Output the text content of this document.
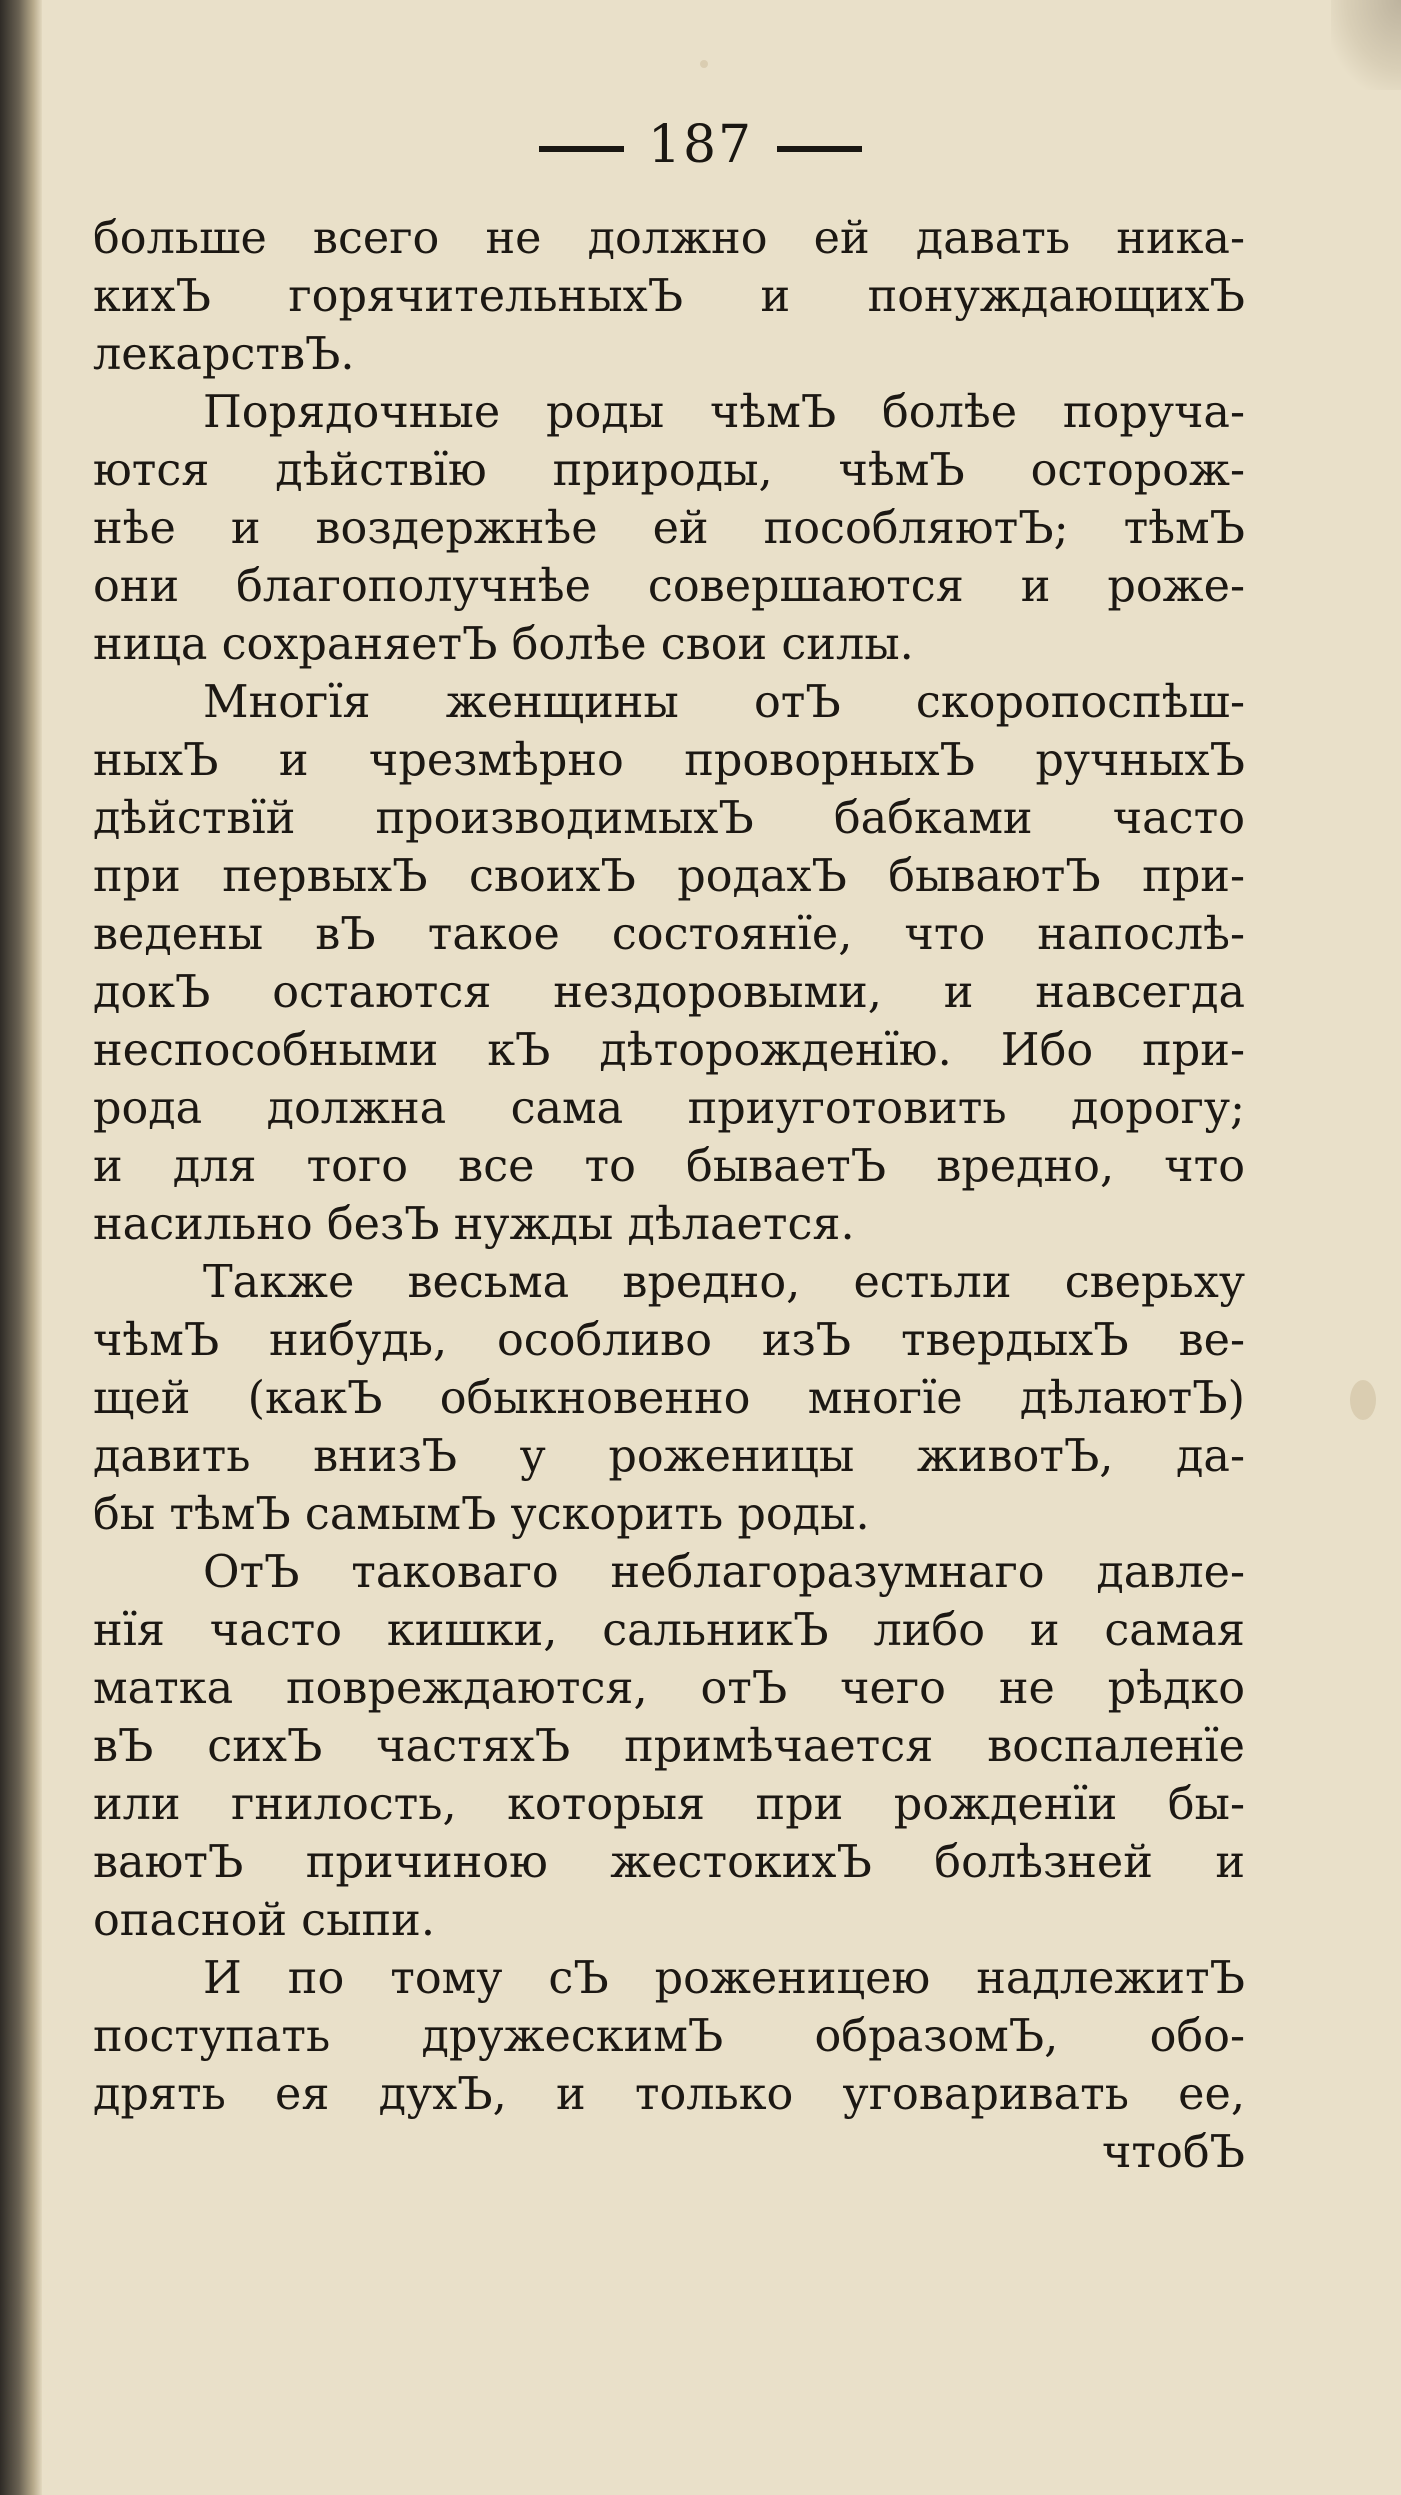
187
больше всего не должно ей давать ника-
кихЪ горячительныхЪ и понуждающихЪ
лекарствЪ.
Порядочные роды чѣмЪ болѣе поруча-
ются дѣйствїю природы, чѣмЪ осторож-
нѣе и воздержнѣе ей пособляютЪ; тѣмЪ
они благополучнѣе совершаются и роже-
ница сохраняетЪ болѣе свои силы.
Многїя женщины отЪ скоропоспѣш-
ныхЪ и чрезмѣрно проворныхЪ ручныхЪ
дѣйствїй производимыхЪ бабками часто
при первыхЪ своихЪ родахЪ бываютЪ при-
ведены вЪ такое состоянїе, что напослѣ-
докЪ остаются нездоровыми, и навсегда
неспособными кЪ дѣторожденїю. Ибо при-
рода должна сама приуготовить дорогу;
и для того все то бываетЪ вредно, что
насильно безЪ нужды дѣлается.
Также весьма вредно, естьли сверьху
чѣмЪ нибудь, особливо изЪ твердыхЪ ве-
щей (какЪ обыкновенно многїе дѣлаютЪ)
давить внизЪ у роженицы животЪ, да-
бы тѣмЪ самымЪ ускорить роды.
ОтЪ таковаго неблагоразумнаго давле-
нїя часто кишки, сальникЪ либо и самая
матка повреждаются, отЪ чего не рѣдко
вЪ сихЪ частяхЪ примѣчается воспаленїе
или гнилость, которыя при рожденїи бы-
ваютЪ причиною жестокихЪ болѣзней и
опасной сыпи.
И по тому сЪ роженицею надлежитЪ
поступать дружескимЪ образомЪ, обо-
дрять ея духЪ, и только уговаривать ее,
чтобЪ
